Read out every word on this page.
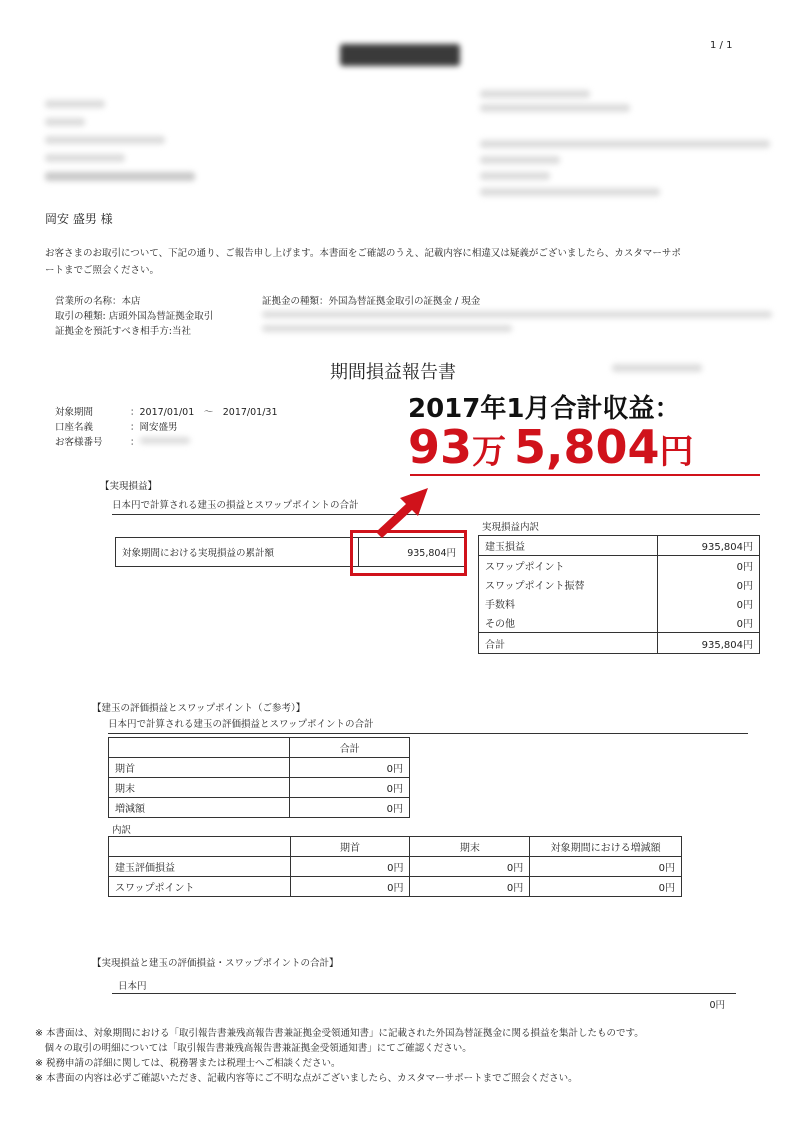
1 / 1
岡安 盛男 様
お客さまのお取引について、下記の通り、ご報告申し上げます。本書面をご確認のうえ、記載内容に相違又は疑義がございましたら、カスタマーサポ
ートまでご照会ください。
営業所の名称：本店
取引の種類: 店頭外国為替証拠金取引
証拠金を預託すべき相手方:当社
証拠金の種類：外国為替証拠金取引の証拠金 / 現金
期間損益報告書
対象期間	：2017/01/01　～　2017/01/31
口座名義	：岡安盛男
お客様番号	：
2017年1月合計収益：
93万 5,804円
【実現損益】
日本円で計算される建玉の損益とスワップポイントの合計
対象期間における実現損益の累計額	935,804円
実現損益内訳
建玉損益	935,804円
スワップポイント	0円
スワップポイント振替	0円
手数料	0円
その他	0円
合計	935,804円
【建玉の評価損益とスワップポイント（ご参考）】
日本円で計算される建玉の評価損益とスワップポイントの合計
	合計
期首	0円
期末	0円
増減額	0円
内訳
	期首	期末	対象期間における増減額
建玉評価損益	0円	0円	0円
スワップポイント	0円	0円	0円
【実現損益と建玉の評価損益・スワップポイントの合計】
日本円
0円
※ 本書面は、対象期間における「取引報告書兼残高報告書兼証拠金受領通知書」に記載された外国為替証拠金に関る損益を集計したものです。
　個々の取引の明細については「取引報告書兼残高報告書兼証拠金受領通知書」にてご確認ください。
※ 税務申請の詳細に関しては、税務署または税理士へご相談ください。
※ 本書面の内容は必ずご確認いただき、記載内容等にご不明な点がございましたら、カスタマーサポートまでご照会ください。
